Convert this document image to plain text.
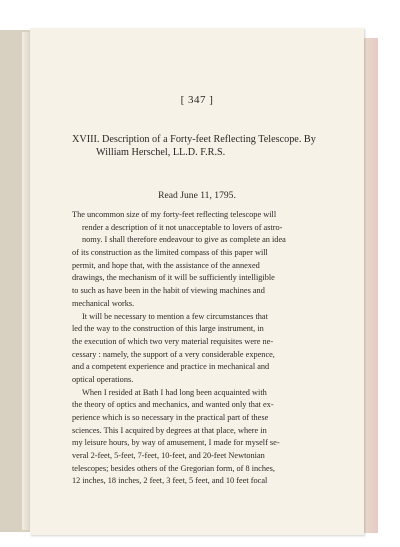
[ 347 ]
XVIII. Description of a Forty-feet Reflecting Telescope. By
William Herschel, LL.D. F.R.S.
Read June 11, 1795.
The uncommon size of my forty-feet reflecting telescope will
render a description of it not unacceptable to lovers of astro-
nomy. I shall therefore endeavour to give as complete an idea
of its construction as the limited compass of this paper will
permit, and hope that, with the assistance of the annexed
drawings, the mechanism of it will be sufficiently intelligible
to such as have been in the habit of viewing machines and
mechanical works.
It will be necessary to mention a few circumstances that
led the way to the construction of this large instrument, in
the execution of which two very material requisites were ne-
cessary : namely, the support of a very considerable expence,
and a competent experience and practice in mechanical and
optical operations.
When I resided at Bath I had long been acquainted with
the theory of optics and mechanics, and wanted only that ex-
perience which is so necessary in the practical part of these
sciences. This I acquired by degrees at that place, where in
my leisure hours, by way of amusement, I made for myself se-
veral 2-feet, 5-feet, 7-feet, 10-feet, and 20-feet Newtonian
telescopes; besides others of the Gregorian form, of 8 inches,
12 inches, 18 inches, 2 feet, 3 feet, 5 feet, and 10 feet focal
